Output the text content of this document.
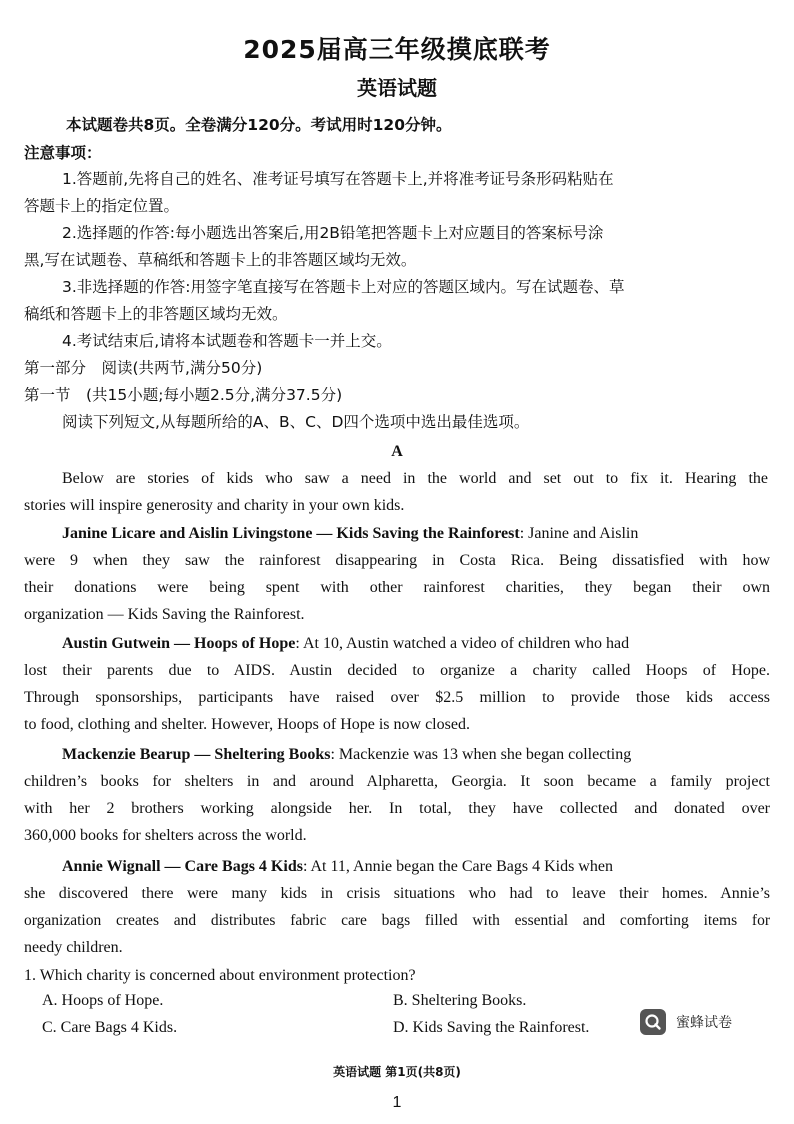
2025届高三年级摸底联考
英语试题
本试题卷共8页。全卷满分120分。考试用时120分钟。
注意事项：
1.答题前,先将自己的姓名、准考证号填写在答题卡上,并将准考证号条形码粘贴在
答题卡上的指定位置。
2.选择题的作答:每小题选出答案后,用2B铅笔把答题卡上对应题目的答案标号涂
黑,写在试题卷、草稿纸和答题卡上的非答题区域均无效。
3.非选择题的作答:用签字笔直接写在答题卡上对应的答题区域内。写在试题卷、草
稿纸和答题卡上的非答题区域均无效。
4.考试结束后,请将本试题卷和答题卡一并上交。
第一部分　阅读(共两节,满分50分)
第一节　(共15小题;每小题2.5分,满分37.5分)
阅读下列短文,从每题所给的A、B、C、D四个选项中选出最佳选项。
A
Below are stories of kids who saw a need in the world and set out to fix it. Hearing the
stories will inspire generosity and charity in your own kids.
Janine Licare and Aislin Livingstone — Kids Saving the Rainforest: Janine and Aislin
were 9 when they saw the rainforest disappearing in Costa Rica. Being dissatisfied with how
their donations were being spent with other rainforest charities, they began their own
organization — Kids Saving the Rainforest.
Austin Gutwein — Hoops of Hope: At 10, Austin watched a video of children who had
lost their parents due to AIDS. Austin decided to organize a charity called Hoops of Hope.
Through sponsorships, participants have raised over $2.5 million to provide those kids access
to food, clothing and shelter. However, Hoops of Hope is now closed.
Mackenzie Bearup — Sheltering Books: Mackenzie was 13 when she began collecting
children’s books for shelters in and around Alpharetta, Georgia. It soon became a family project
with her 2 brothers working alongside her. In total, they have collected and donated over
360,000 books for shelters across the world.
Annie Wignall — Care Bags 4 Kids: At 11, Annie began the Care Bags 4 Kids when
she discovered there were many kids in crisis situations who had to leave their homes. Annie’s
organization creates and distributes fabric care bags filled with essential and comforting items for
needy children.
1. Which charity is concerned about environment protection?
A. Hoops of Hope.	B. Sheltering Books.
C. Care Bags 4 Kids.	D. Kids Saving the Rainforest.	蜜蜂试卷
英语试题 第1页(共8页)
1
